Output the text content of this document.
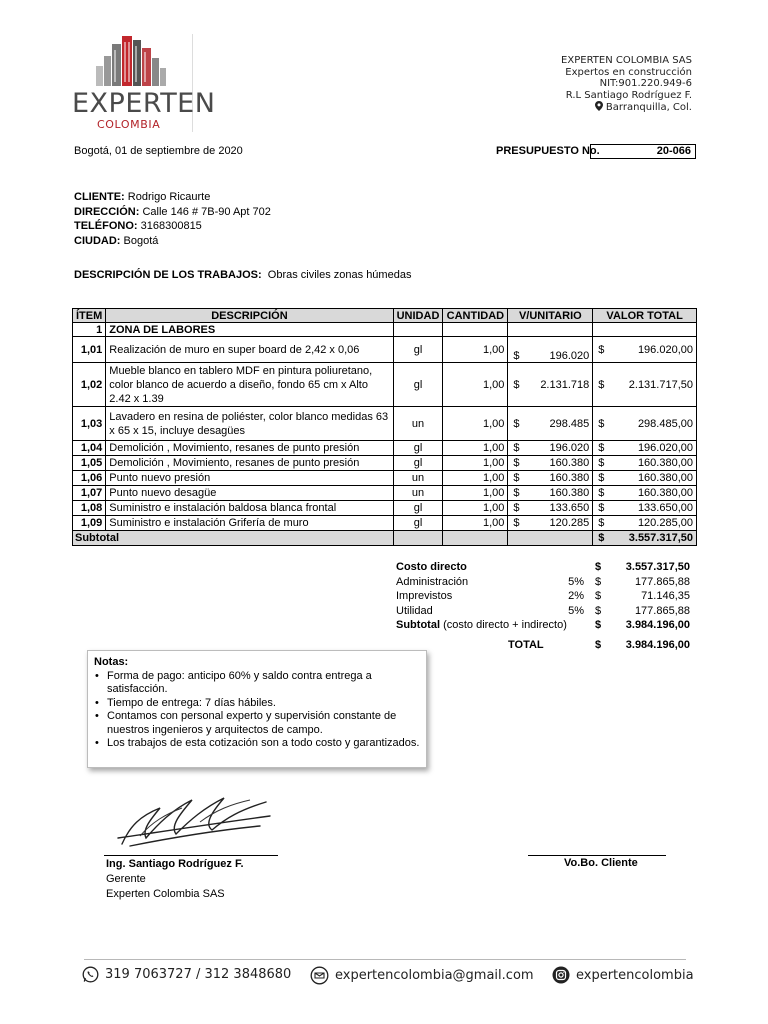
EXPERTEN
COLOMBIA
EXPERTEN COLOMBIA SAS
Expertos en construcción
NIT:901.220.949-6
R.L Santiago Rodríguez F.
Barranquilla, Col.
Bogotá, 01 de septiembre de 2020	PRESUPUESTO No.	20-066
CLIENTE: Rodrigo Ricaurte
DIRECCIÓN: Calle 146 # 7B-90 Apt 702
TELÉFONO: 3168300815
CIUDAD: Bogotá
DESCRIPCIÓN DE LOS TRABAJOS: Obras civiles zonas húmedas
ÍTEM	DESCRIPCIÓN	UNIDAD	CANTIDAD	V/UNITARIO	VALOR TOTAL
1	ZONA DE LABORES				
1,01	Realización de muro en super board de 2,42 x 0,06	gl	1,00	$ 196.020	$ 196.020,00
1,02	Mueble blanco en tablero MDF en pintura poliuretano, color blanco de acuerdo a diseño, fondo 65 cm x Alto 2.42 x 1.39	gl	1,00	$ 2.131.718	$ 2.131.717,50
1,03	Lavadero en resina de poliéster, color blanco medidas 63 x 65 x 15, incluye desagües	un	1,00	$ 298.485	$ 298.485,00
1,04	Demolición , Movimiento, resanes de punto presión	gl	1,00	$ 196.020	$ 196.020,00
1,05	Demolición , Movimiento, resanes de punto presión	gl	1,00	$ 160.380	$ 160.380,00
1,06	Punto nuevo presión	un	1,00	$ 160.380	$ 160.380,00
1,07	Punto nuevo desagüe	un	1,00	$ 160.380	$ 160.380,00
1,08	Suministro e instalación baldosa blanca frontal	gl	1,00	$ 133.650	$ 133.650,00
1,09	Suministro e instalación Grifería de muro	gl	1,00	$ 120.285	$ 120.285,00
Subtotal					$ 3.557.317,50
Costo directo	$ 3.557.317,50
Administración	5% $	177.865,88
Imprevistos	2% $	71.146,35
Utilidad	5% $	177.865,88
Subtotal (costo directo + indirecto)	$ 3.984.196,00
TOTAL	$ 3.984.196,00
Notas:
• Forma de pago: anticipo 60% y saldo contra entrega a satisfacción.
• Tiempo de entrega: 7 días hábiles.
• Contamos con personal experto y supervisión constante de nuestros ingenieros y arquitectos de campo.
• Los trabajos de esta cotización son a todo costo y garantizados.
Ing. Santiago Rodríguez F.
Gerente
Experten Colombia SAS
Vo.Bo. Cliente
319 7063727 / 312 3848680	expertencolombia@gmail.com	expertencolombia
